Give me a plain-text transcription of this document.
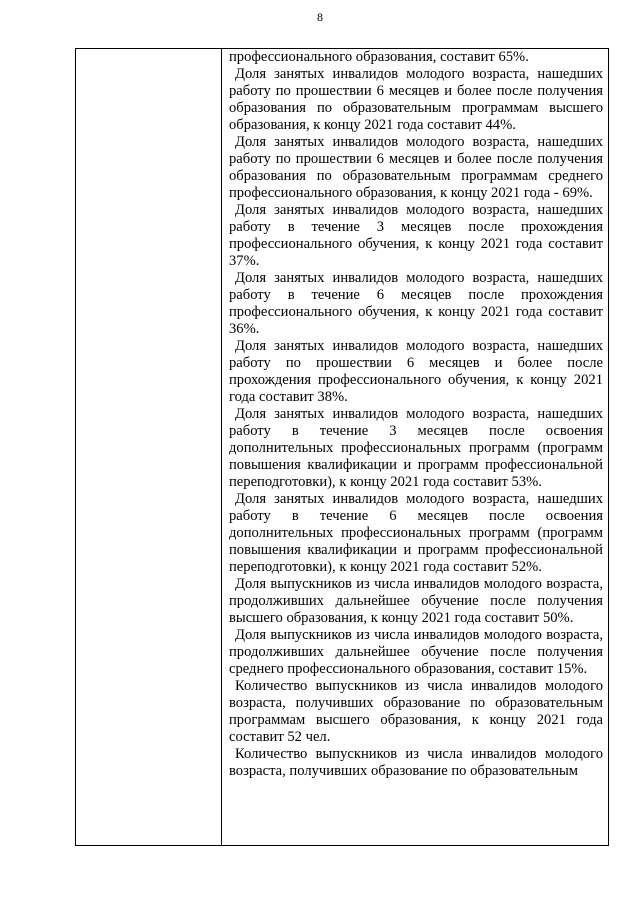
8

профессионального образования, составит 65%.

Доля занятых инвалидов молодого возраста, нашедших работу по прошествии 6 месяцев и более после получения образования по образовательным программам высшего образования, к концу 2021 года составит 44%.

Доля занятых инвалидов молодого возраста, нашедших работу по прошествии 6 месяцев и более после получения образования по образовательным программам среднего профессионального образования, к концу 2021 года - 69%.

Доля занятых инвалидов молодого возраста, нашедших работу в течение 3 месяцев после прохождения профессионального обучения, к концу 2021 года составит 37%.

Доля занятых инвалидов молодого возраста, нашедших работу в течение 6 месяцев после прохождения профессионального обучения, к концу 2021 года составит 36%.

Доля занятых инвалидов молодого возраста, нашедших работу по прошествии 6 месяцев и более после прохождения профессионального обучения, к концу 2021 года составит 38%.

Доля занятых инвалидов молодого возраста, нашедших работу в течение 3 месяцев после освоения дополнительных профессиональных программ (программ повышения квалификации и программ профессиональной переподготовки), к концу 2021 года составит 53%.

Доля занятых инвалидов молодого возраста, нашедших работу в течение 6 месяцев после освоения дополнительных профессиональных программ (программ повышения квалификации и программ профессиональной переподготовки), к концу 2021 года составит 52%.

Доля выпускников из числа инвалидов молодого возраста, продолживших дальнейшее обучение после получения высшего образования, к концу 2021 года составит 50%.

Доля выпускников из числа инвалидов молодого возраста, продолживших дальнейшее обучение после получения среднего профессионального образования, составит 15%.

Количество выпускников из числа инвалидов молодого возраста, получивших образование по образовательным программам высшего образования, к концу 2021 года составит 52 чел.

Количество выпускников из числа инвалидов молодого возраста, получивших образование по образовательным
